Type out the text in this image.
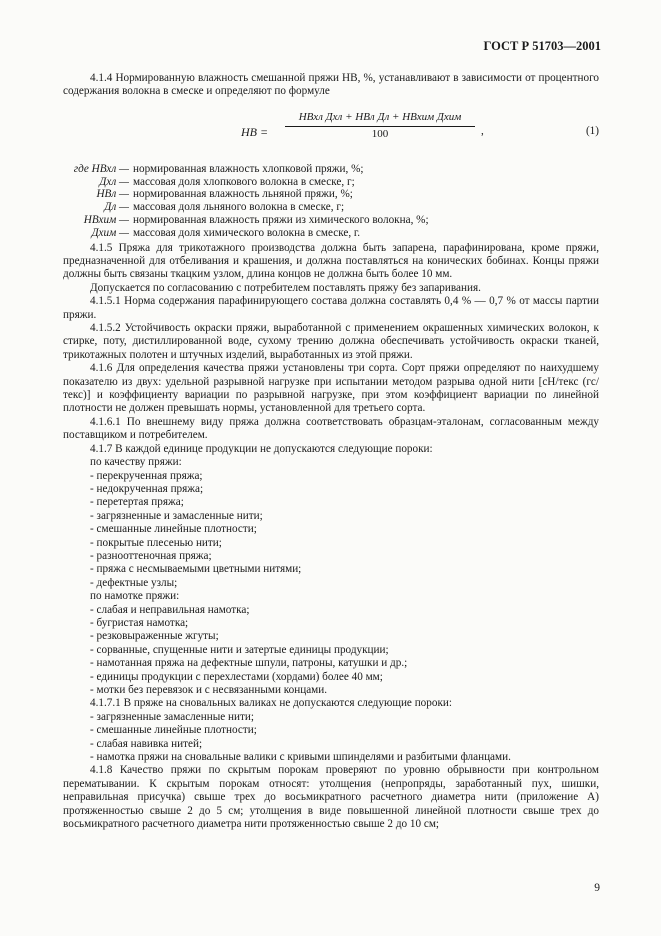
ГОСТ Р 51703—2001

4.1.4 Нормированную влажность смешанной пряжи НВ, %, устанавливают в зависимости от процентного содержания волокна в смеске и определяют по формуле

НВ =
НВхл Дхл + НВл Дл + НВхим Дхим
100	,	(1)
где НВхл — нормированная влажность хлопковой пряжи, %;
Дхл — массовая доля хлопкового волокна в смеске, г;
НВл — нормированная влажность льняной пряжи, %;
Дл — массовая доля льняного волокна в смеске, г;
НВхим — нормированная влажность пряжи из химического волокна, %;
Дхим — массовая доля химического волокна в смеске, г.

4.1.5 Пряжа для трикотажного производства должна быть запарена, парафинирована, кроме пряжи, предназначенной для отбеливания и крашения, и должна поставляться на конических бобинах. Концы пряжи должны быть связаны ткацким узлом, длина концов не должна быть более 10 мм.

Допускается по согласованию с потребителем поставлять пряжу без запаривания.

4.1.5.1 Норма содержания парафинирующего состава должна составлять 0,4 % — 0,7 % от массы партии пряжи.

4.1.5.2 Устойчивость окраски пряжи, выработанной с применением окрашенных химических волокон, к стирке, поту, дистиллированной воде, сухому трению должна обеспечивать устойчивость окраски тканей, трикотажных полотен и штучных изделий, выработанных из этой пряжи.

4.1.6 Для определения качества пряжи установлены три сорта. Сорт пряжи определяют по наихудшему показателю из двух: удельной разрывной нагрузке при испытании методом разрыва одной нити [сН/текс (гс/текс)] и коэффициенту вариации по разрывной нагрузке, при этом коэффициент вариации по линейной плотности не должен превышать нормы, установленной для третьего сорта.

4.1.6.1 По внешнему виду пряжа должна соответствовать образцам-эталонам, согласованным между поставщиком и потребителем.

4.1.7 В каждой единице продукции не допускаются следующие пороки:

по качеству пряжи:

- перекрученная пряжа;

- недокрученная пряжа;

- перетертая пряжа;

- загрязненные и замасленные нити;

- смешанные линейные плотности;

- покрытые плесенью нити;

- разнооттеночная пряжа;

- пряжа с несмываемыми цветными нитями;

- дефектные узлы;

по намотке пряжи:

- слабая и неправильная намотка;

- бугристая намотка;

- резковыраженные жгуты;

- сорванные, спущенные нити и затертые единицы продукции;

- намотанная пряжа на дефектные шпули, патроны, катушки и др.;

- единицы продукции с перехлестами (хордами) более 40 мм;

- мотки без перевязок и с несвязанными концами.

4.1.7.1 В пряже на сновальных валиках не допускаются следующие пороки:

- загрязненные замасленные нити;

- смешанные линейные плотности;

- слабая навивка нитей;

- намотка пряжи на сновальные валики с кривыми шпинделями и разбитыми фланцами.

4.1.8 Качество пряжи по скрытым порокам проверяют по уровню обрывности при контрольном перематывании. К скрытым порокам относят: утолщения (непропряды, заработанный пух, шишки, неправильная присучка) свыше трех до восьмикратного расчетного диаметра нити (приложение А) протяженностью свыше 2 до 5 см; утолщения в виде повышенной линейной плотности свыше трех до восьмикратного расчетного диаметра нити протяженностью свыше 2 до 10 см;

9
